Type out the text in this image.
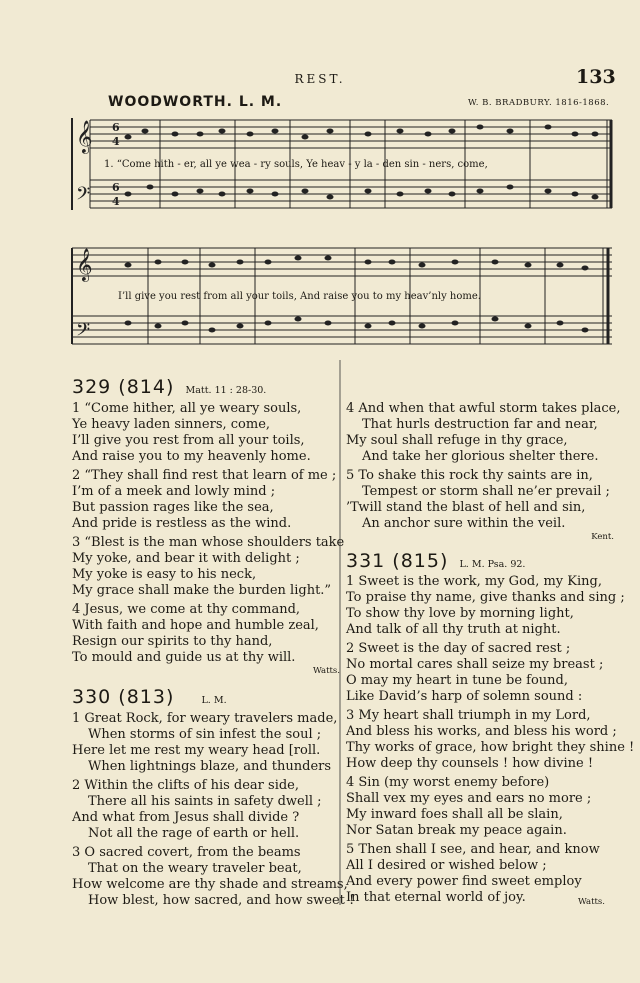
REST.	133
WOODWORTH. L. M.	W. B. BRADBURY. 1816-1868.
𝄞
𝄢
𝄞
𝄢
6
4
6
4
1. “Come hith - er, all ye wea - ry souls, Ye heav - y la - den sin - ners, come,
I’ll give you rest from all your toils, And raise you to my heav’nly home.
329 (814) Matt. 11 : 28-30.
1 “Come hither, all ye weary souls,
Ye heavy laden sinners, come,
I’ll give you rest from all your toils,
And raise you to my heavenly home.
2 “They shall find rest that learn of me ;
I’m of a meek and lowly mind ;
But passion rages like the sea,
And pride is restless as the wind.
3 “Blest is the man whose shoulders take
My yoke, and bear it with delight ;
My yoke is easy to his neck,
My grace shall make the burden light.”
4 Jesus, we come at thy command,
With faith and hope and humble zeal,
Resign our spirits to thy hand,
To mould and guide us at thy will.
Watts.
330 (813)	L. M.
1 Great Rock, for weary travelers made,
When storms of sin infest the soul ;
Here let me rest my weary head [roll.
When lightnings blaze, and thunders
2 Within the clifts of his dear side,
There all his saints in safety dwell ;
And what from Jesus shall divide ?
Not all the rage of earth or hell.
3 O sacred covert, from the beams
That on the weary traveler beat,
How welcome are thy shade and streams,
How blest, how sacred, and how sweet !
4 And when that awful storm takes place,
That hurls destruction far and near,
My soul shall refuge in thy grace,
And take her glorious shelter there.
5 To shake this rock thy saints are in,
Tempest or storm shall ne’er prevail ;
’Twill stand the blast of hell and sin,
An anchor sure within the veil.
Kent.
331 (815) L. M. Psa. 92.
1 Sweet is the work, my God, my King,
To praise thy name, give thanks and sing ;
To show thy love by morning light,
And talk of all thy truth at night.
2 Sweet is the day of sacred rest ;
No mortal cares shall seize my breast ;
O may my heart in tune be found,
Like David’s harp of solemn sound :
3 My heart shall triumph in my Lord,
And bless his works, and bless his word ;
Thy works of grace, how bright they shine !
How deep thy counsels ! how divine !
4 Sin (my worst enemy before)
Shall vex my eyes and ears no more ;
My inward foes shall all be slain,
Nor Satan break my peace again.
5 Then shall I see, and hear, and know
All I desired or wished below ;
And every power find sweet employ
In that eternal world of joy.	Watts.
